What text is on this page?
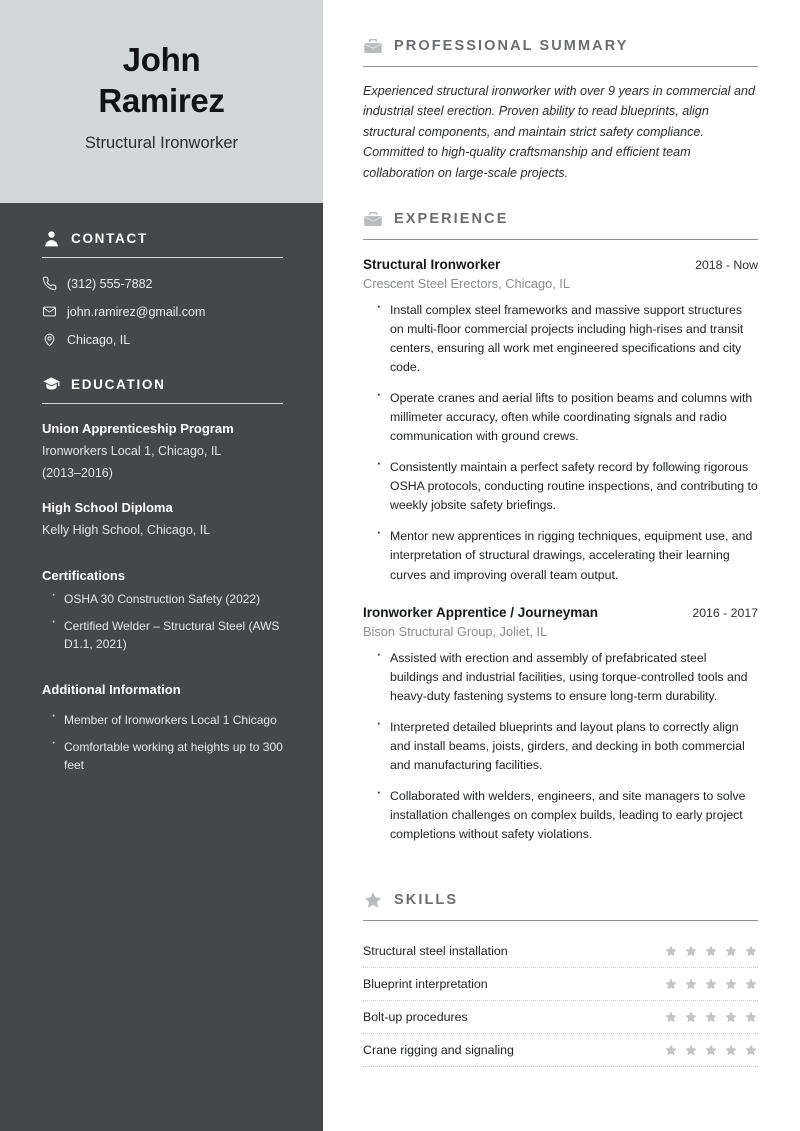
John
Ramirez
Structural Ironworker
CONTACT
(312) 555-7882
john.ramirez@gmail.com
Chicago, IL
EDUCATION
Union Apprenticeship Program
Ironworkers Local 1, Chicago, IL
(2013–2016)
High School Diploma
Kelly High School, Chicago, IL
Certifications
· OSHA 30 Construction Safety (2022)
· Certified Welder – Structural Steel (AWS D1.1, 2021)
Additional Information
· Member of Ironworkers Local 1 Chicago
· Comfortable working at heights up to 300 feet
PROFESSIONAL SUMMARY

Experienced structural ironworker with over 9 years in commercial and industrial steel erection. Proven ability to read blueprints, align structural components, and maintain strict safety compliance. Committed to high-quality craftsmanship and efficient team collaboration on large-scale projects.

EXPERIENCE
Structural Ironworker	2018 - Now
Crescent Steel Erectors, Chicago, IL
· Install complex steel frameworks and massive support structures on multi-floor commercial projects including high-rises and transit centers, ensuring all work met engineered specifications and city code.
· Operate cranes and aerial lifts to position beams and columns with millimeter accuracy, often while coordinating signals and radio communication with ground crews.
· Consistently maintain a perfect safety record by following rigorous OSHA protocols, conducting routine inspections, and contributing to weekly jobsite safety briefings.
· Mentor new apprentices in rigging techniques, equipment use, and interpretation of structural drawings, accelerating their learning curves and improving overall team output.
Ironworker Apprentice / Journeyman	2016 - 2017
Bison Structural Group, Joliet, IL
· Assisted with erection and assembly of prefabricated steel buildings and industrial facilities, using torque-controlled tools and heavy-duty fastening systems to ensure long-term durability.
· Interpreted detailed blueprints and layout plans to correctly align and install beams, joists, girders, and decking in both commercial and manufacturing facilities.
· Collaborated with welders, engineers, and site managers to solve installation challenges on complex builds, leading to early project completions without safety violations.
SKILLS
Structural steel installation
Blueprint interpretation
Bolt-up procedures
Crane rigging and signaling
